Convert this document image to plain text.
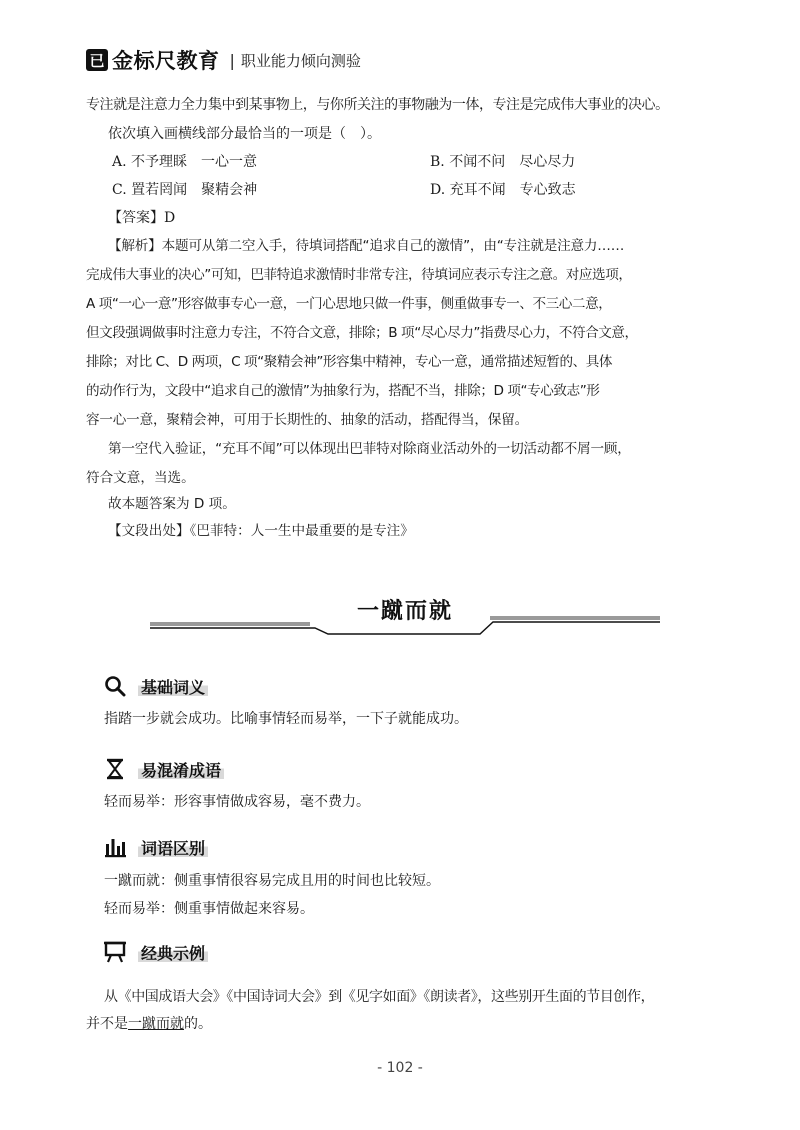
已 金标尺教育 | 职业能力倾向测验
专注就是注意力全力集中到某事物上，与你所关注的事物融为一体，专注是完成伟大事业的决心。
依次填入画横线部分最恰当的一项是（　）。
A. 不予理睬　一心一意	B. 不闻不问　尽心尽力
C. 置若罔闻　聚精会神	D. 充耳不闻　专心致志
【答案】D
【解析】本题可从第二空入手，待填词搭配“追求自己的激情”，由“专注就是注意力……
完成伟大事业的决心”可知，巴菲特追求激情时非常专注，待填词应表示专注之意。对应选项，
A 项“一心一意”形容做事专心一意，一门心思地只做一件事，侧重做事专一、不三心二意，
但文段强调做事时注意力专注，不符合文意，排除；B 项“尽心尽力”指费尽心力，不符合文意，
排除；对比 C、D 两项，C 项“聚精会神”形容集中精神，专心一意，通常描述短暂的、具体
的动作行为，文段中“追求自己的激情”为抽象行为，搭配不当，排除；D 项“专心致志”形
容一心一意，聚精会神，可用于长期性的、抽象的活动，搭配得当，保留。
第一空代入验证，“充耳不闻”可以体现出巴菲特对除商业活动外的一切活动都不屑一顾，
符合文意，当选。
故本题答案为 D 项。
【文段出处】《巴菲特：人一生中最重要的是专注》
一蹴而就
基础词义
指踏一步就会成功。比喻事情轻而易举，一下子就能成功。
易混淆成语
轻而易举：形容事情做成容易，毫不费力。
词语区别
一蹴而就：侧重事情很容易完成且用的时间也比较短。
轻而易举：侧重事情做起来容易。
经典示例
从《中国成语大会》《中国诗词大会》到《见字如面》《朗读者》，这些别开生面的节目创作，
并不是一蹴而就的。
- 102 -
